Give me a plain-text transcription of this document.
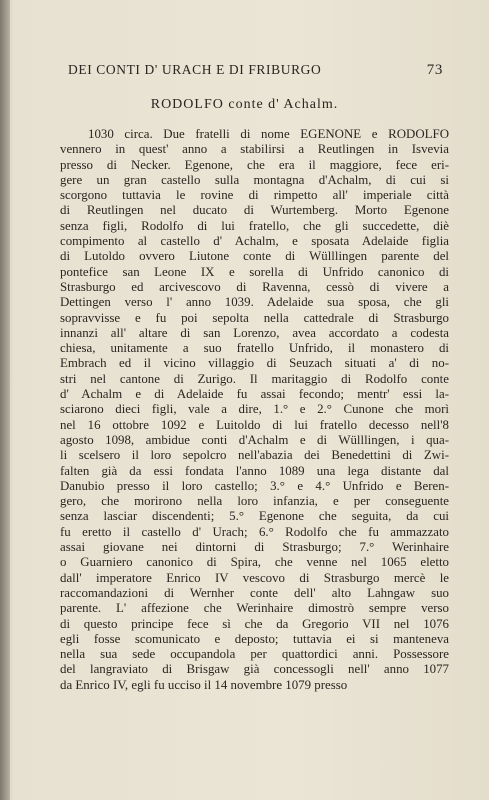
DEI CONTI D' URACH E DI FRIBURGO	73
RODOLFO conte d' Achalm.
1030 circa. Due fratelli di nome EGENONE e RODOLFO
vennero in quest' anno a stabilirsi a Reutlingen in Isvevia
presso di Necker. Egenone, che era il maggiore, fece eri-
gere un gran castello sulla montagna d'Achalm, di cui si
scorgono tuttavia le rovine di rimpetto all' imperiale città
di Reutlingen nel ducato di Wurtemberg. Morto Egenone
senza figli, Rodolfo di lui fratello, che gli succedette, diè
compimento al castello d' Achalm, e sposata Adelaide figlia
di Lutoldo ovvero Liutone conte di Wülllingen parente del
pontefice san Leone IX e sorella di Unfrido canonico di
Strasburgo ed arcivescovo di Ravenna, cessò di vivere a
Dettingen verso l' anno 1039. Adelaide sua sposa, che gli
sopravvisse e fu poi sepolta nella cattedrale di Strasburgo
innanzi all' altare di san Lorenzo, avea accordato a codesta
chiesa, unitamente a suo fratello Unfrido, il monastero di
Embrach ed il vicino villaggio di Seuzach situati a' di no-
stri nel cantone di Zurigo. Il maritaggio di Rodolfo conte
d' Achalm e di Adelaide fu assai fecondo; mentr' essi la-
sciarono dieci figli, vale a dire, 1.° e 2.° Cunone che morì
nel 16 ottobre 1092 e Luitoldo di lui fratello decesso nell'8
agosto 1098, ambidue conti d'Achalm e di Wülllingen, i qua-
li scelsero il loro sepolcro nell'abazia dei Benedettini di Zwi-
falten già da essi fondata l'anno 1089 una lega distante dal
Danubio presso il loro castello; 3.° e 4.° Unfrido e Beren-
gero, che morirono nella loro infanzia, e per conseguente
senza lasciar discendenti; 5.° Egenone che seguita, da cui
fu eretto il castello d' Urach; 6.° Rodolfo che fu ammazzato
assai giovane nei dintorni di Strasburgo; 7.° Werinhaire
o Guarniero canonico di Spira, che venne nel 1065 eletto
dall' imperatore Enrico IV vescovo di Strasburgo mercè le
raccomandazioni di Wernher conte dell' alto Lahngaw suo
parente. L' affezione che Werinhaire dimostrò sempre verso
di questo principe fece sì che da Gregorio VII nel 1076
egli fosse scomunicato e deposto; tuttavia ei si manteneva
nella sua sede occupandola per quattordici anni. Possessore
del langraviato di Brisgaw già concessogli nell' anno 1077
da Enrico IV, egli fu ucciso il 14 novembre 1079 presso
